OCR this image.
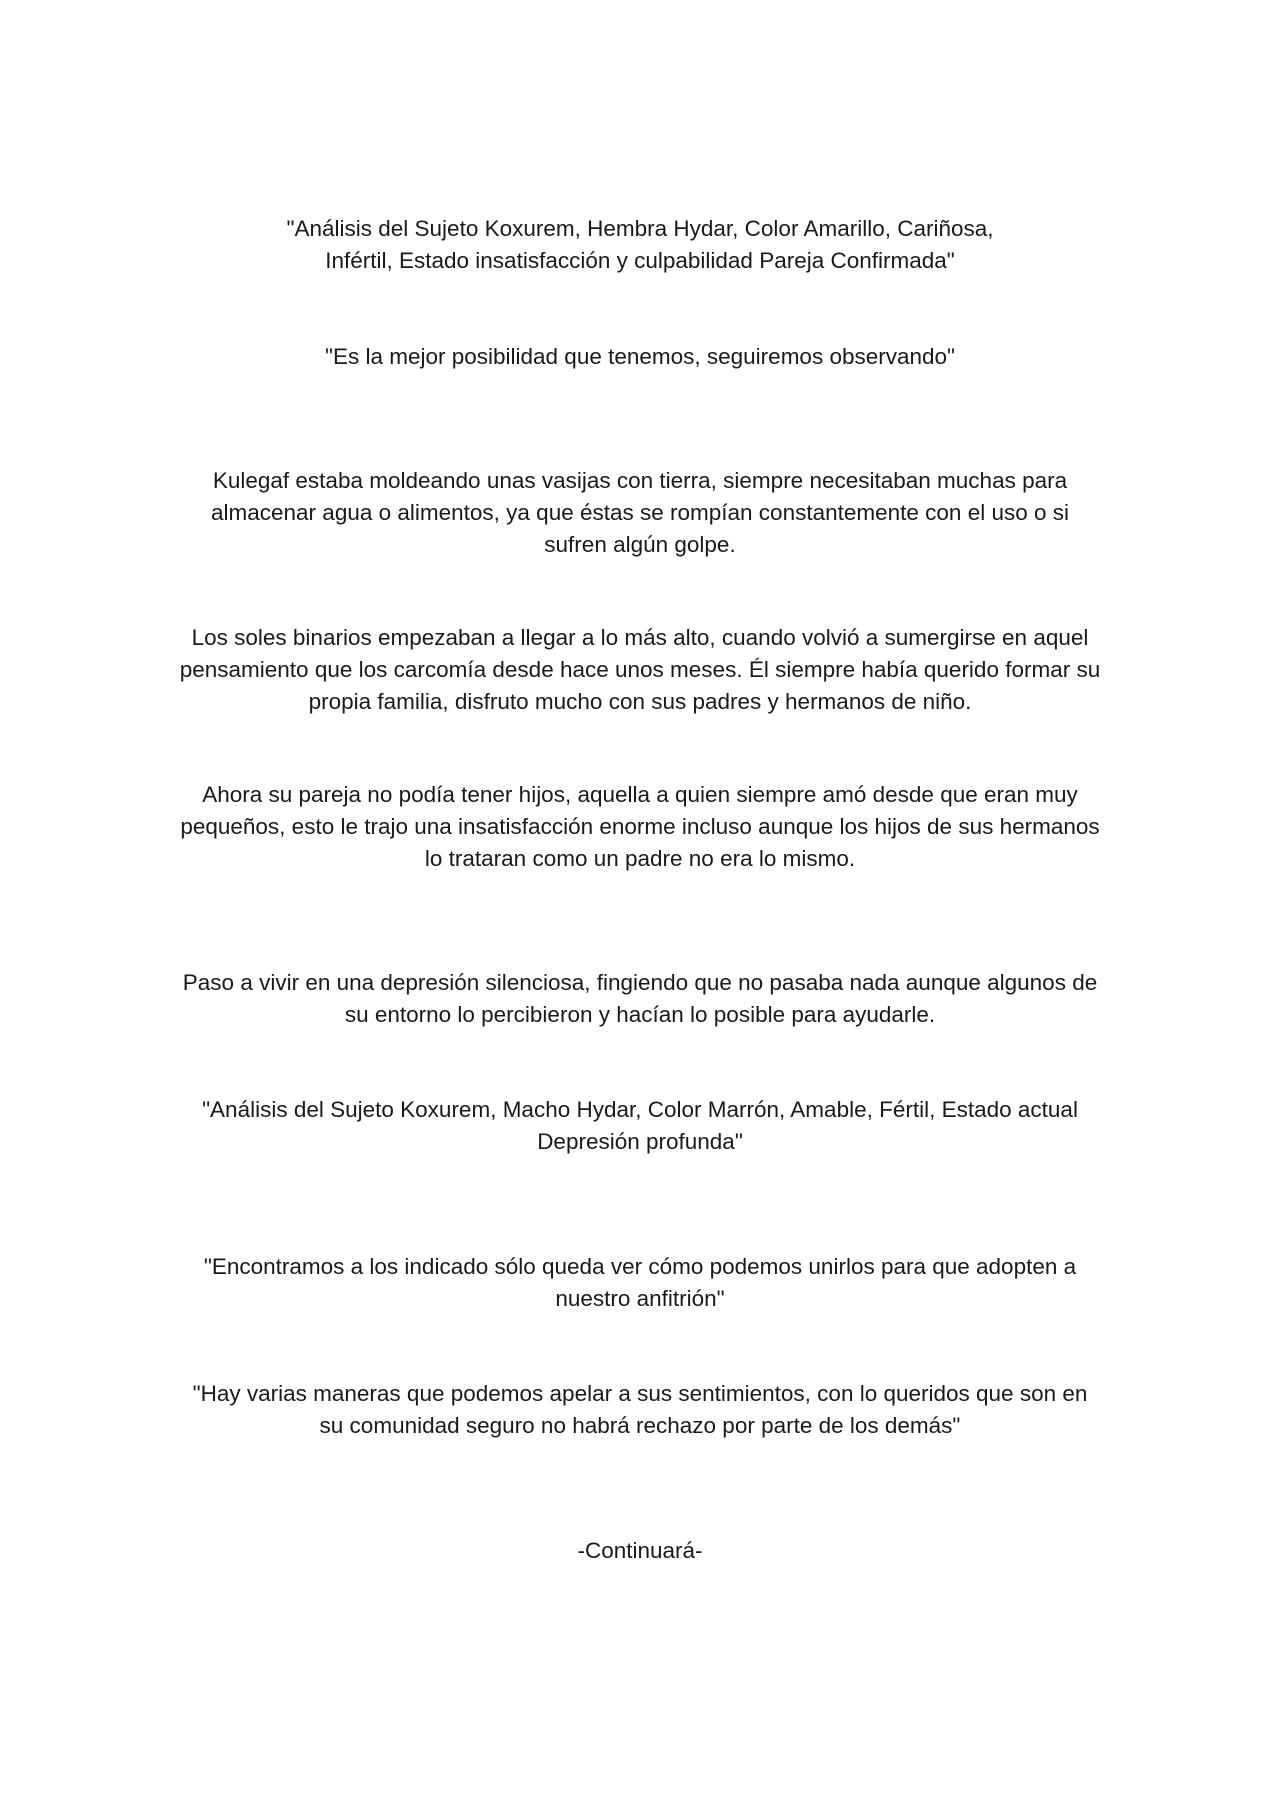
"Análisis del Sujeto Koxurem, Hembra Hydar, Color Amarillo, Cariñosa,
Infértil, Estado insatisfacción y culpabilidad Pareja Confirmada"

"Es la mejor posibilidad que tenemos, seguiremos observando"

Kulegaf estaba moldeando unas vasijas con tierra, siempre necesitaban muchas para
almacenar agua o alimentos, ya que éstas se rompían constantemente con el uso o si
sufren algún golpe.

Los soles binarios empezaban a llegar a lo más alto, cuando volvió a sumergirse en aquel
pensamiento que los carcomía desde hace unos meses. Él siempre había querido formar su
propia familia, disfruto mucho con sus padres y hermanos de niño.

Ahora su pareja no podía tener hijos, aquella a quien siempre amó desde que eran muy
pequeños, esto le trajo una insatisfacción enorme incluso aunque los hijos de sus hermanos
lo trataran como un padre no era lo mismo.

Paso a vivir en una depresión silenciosa, fingiendo que no pasaba nada aunque algunos de
su entorno lo percibieron y hacían lo posible para ayudarle.

"Análisis del Sujeto Koxurem, Macho Hydar, Color Marrón, Amable, Fértil, Estado actual
Depresión profunda"

"Encontramos a los indicado sólo queda ver cómo podemos unirlos para que adopten a
nuestro anfitrión"

"Hay varias maneras que podemos apelar a sus sentimientos, con lo queridos que son en
su comunidad seguro no habrá rechazo por parte de los demás"

-Continuará-
